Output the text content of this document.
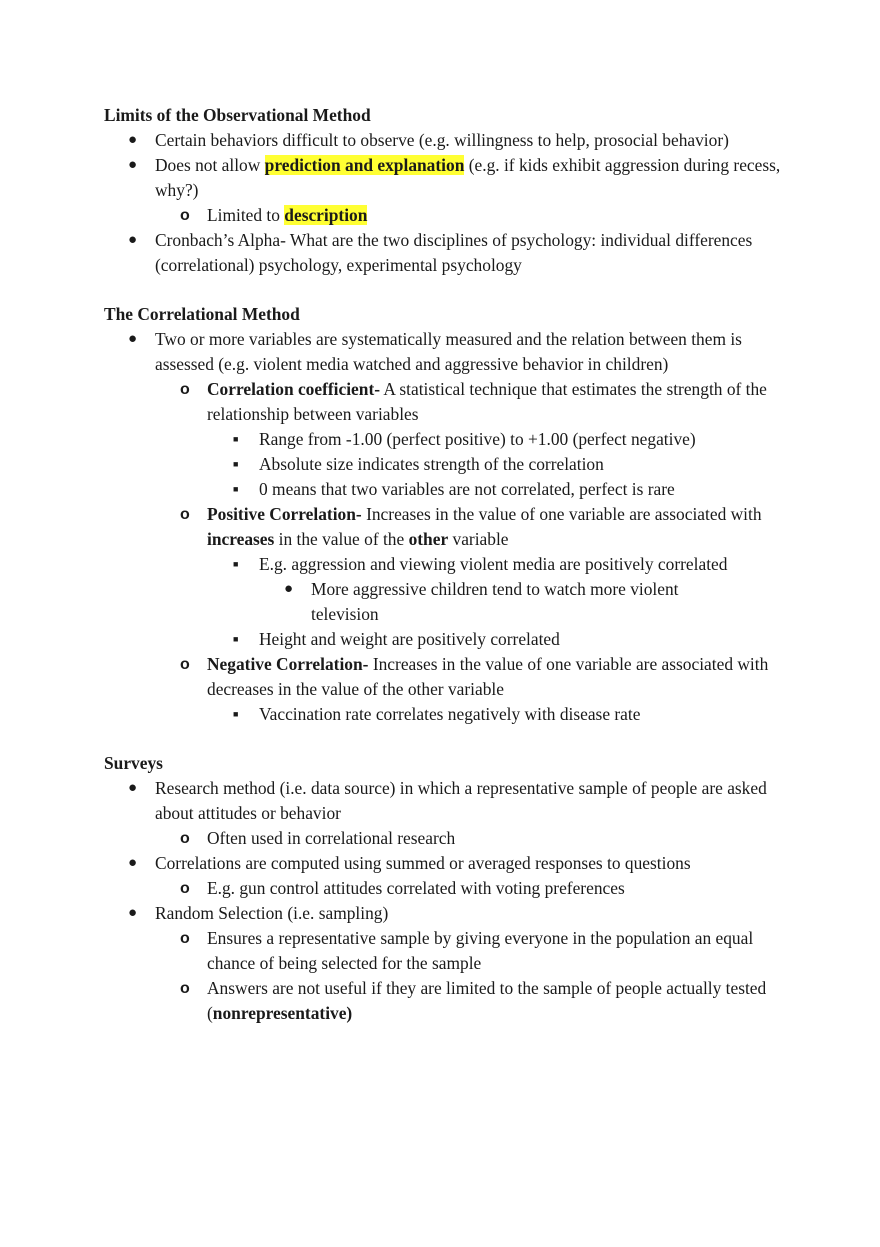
Limits of the Observational Method

● Certain behaviors difficult to observe (e.g. willingness to help, prosocial behavior)
● Does not allow prediction and explanation (e.g. if kids exhibit aggression during recess, why?)
o Limited to description
● Cronbach’s Alpha- What are the two disciplines of psychology: individual differences (correlational) psychology, experimental psychology

The Correlational Method

● Two or more variables are systematically measured and the relation between them is assessed (e.g. violent media watched and aggressive behavior in children)
o Correlation coefficient- A statistical technique that estimates the strength of the relationship between variables
■ Range from -1.00 (perfect positive) to +1.00 (perfect negative)
■ Absolute size indicates strength of the correlation
■ 0 means that two variables are not correlated, perfect is rare
o Positive Correlation- Increases in the value of one variable are associated with increases in the value of the other variable
■ E.g. aggression and viewing violent media are positively correlated
● More aggressive children tend to watch more violent television
■ Height and weight are positively correlated
o Negative Correlation- Increases in the value of one variable are associated with decreases in the value of the other variable
■ Vaccination rate correlates negatively with disease rate

Surveys

● Research method (i.e. data source) in which a representative sample of people are asked about attitudes or behavior
o Often used in correlational research
● Correlations are computed using summed or averaged responses to questions
o E.g. gun control attitudes correlated with voting preferences
● Random Selection (i.e. sampling)
o Ensures a representative sample by giving everyone in the population an equal chance of being selected for the sample
o Answers are not useful if they are limited to the sample of people actually tested (nonrepresentative)
